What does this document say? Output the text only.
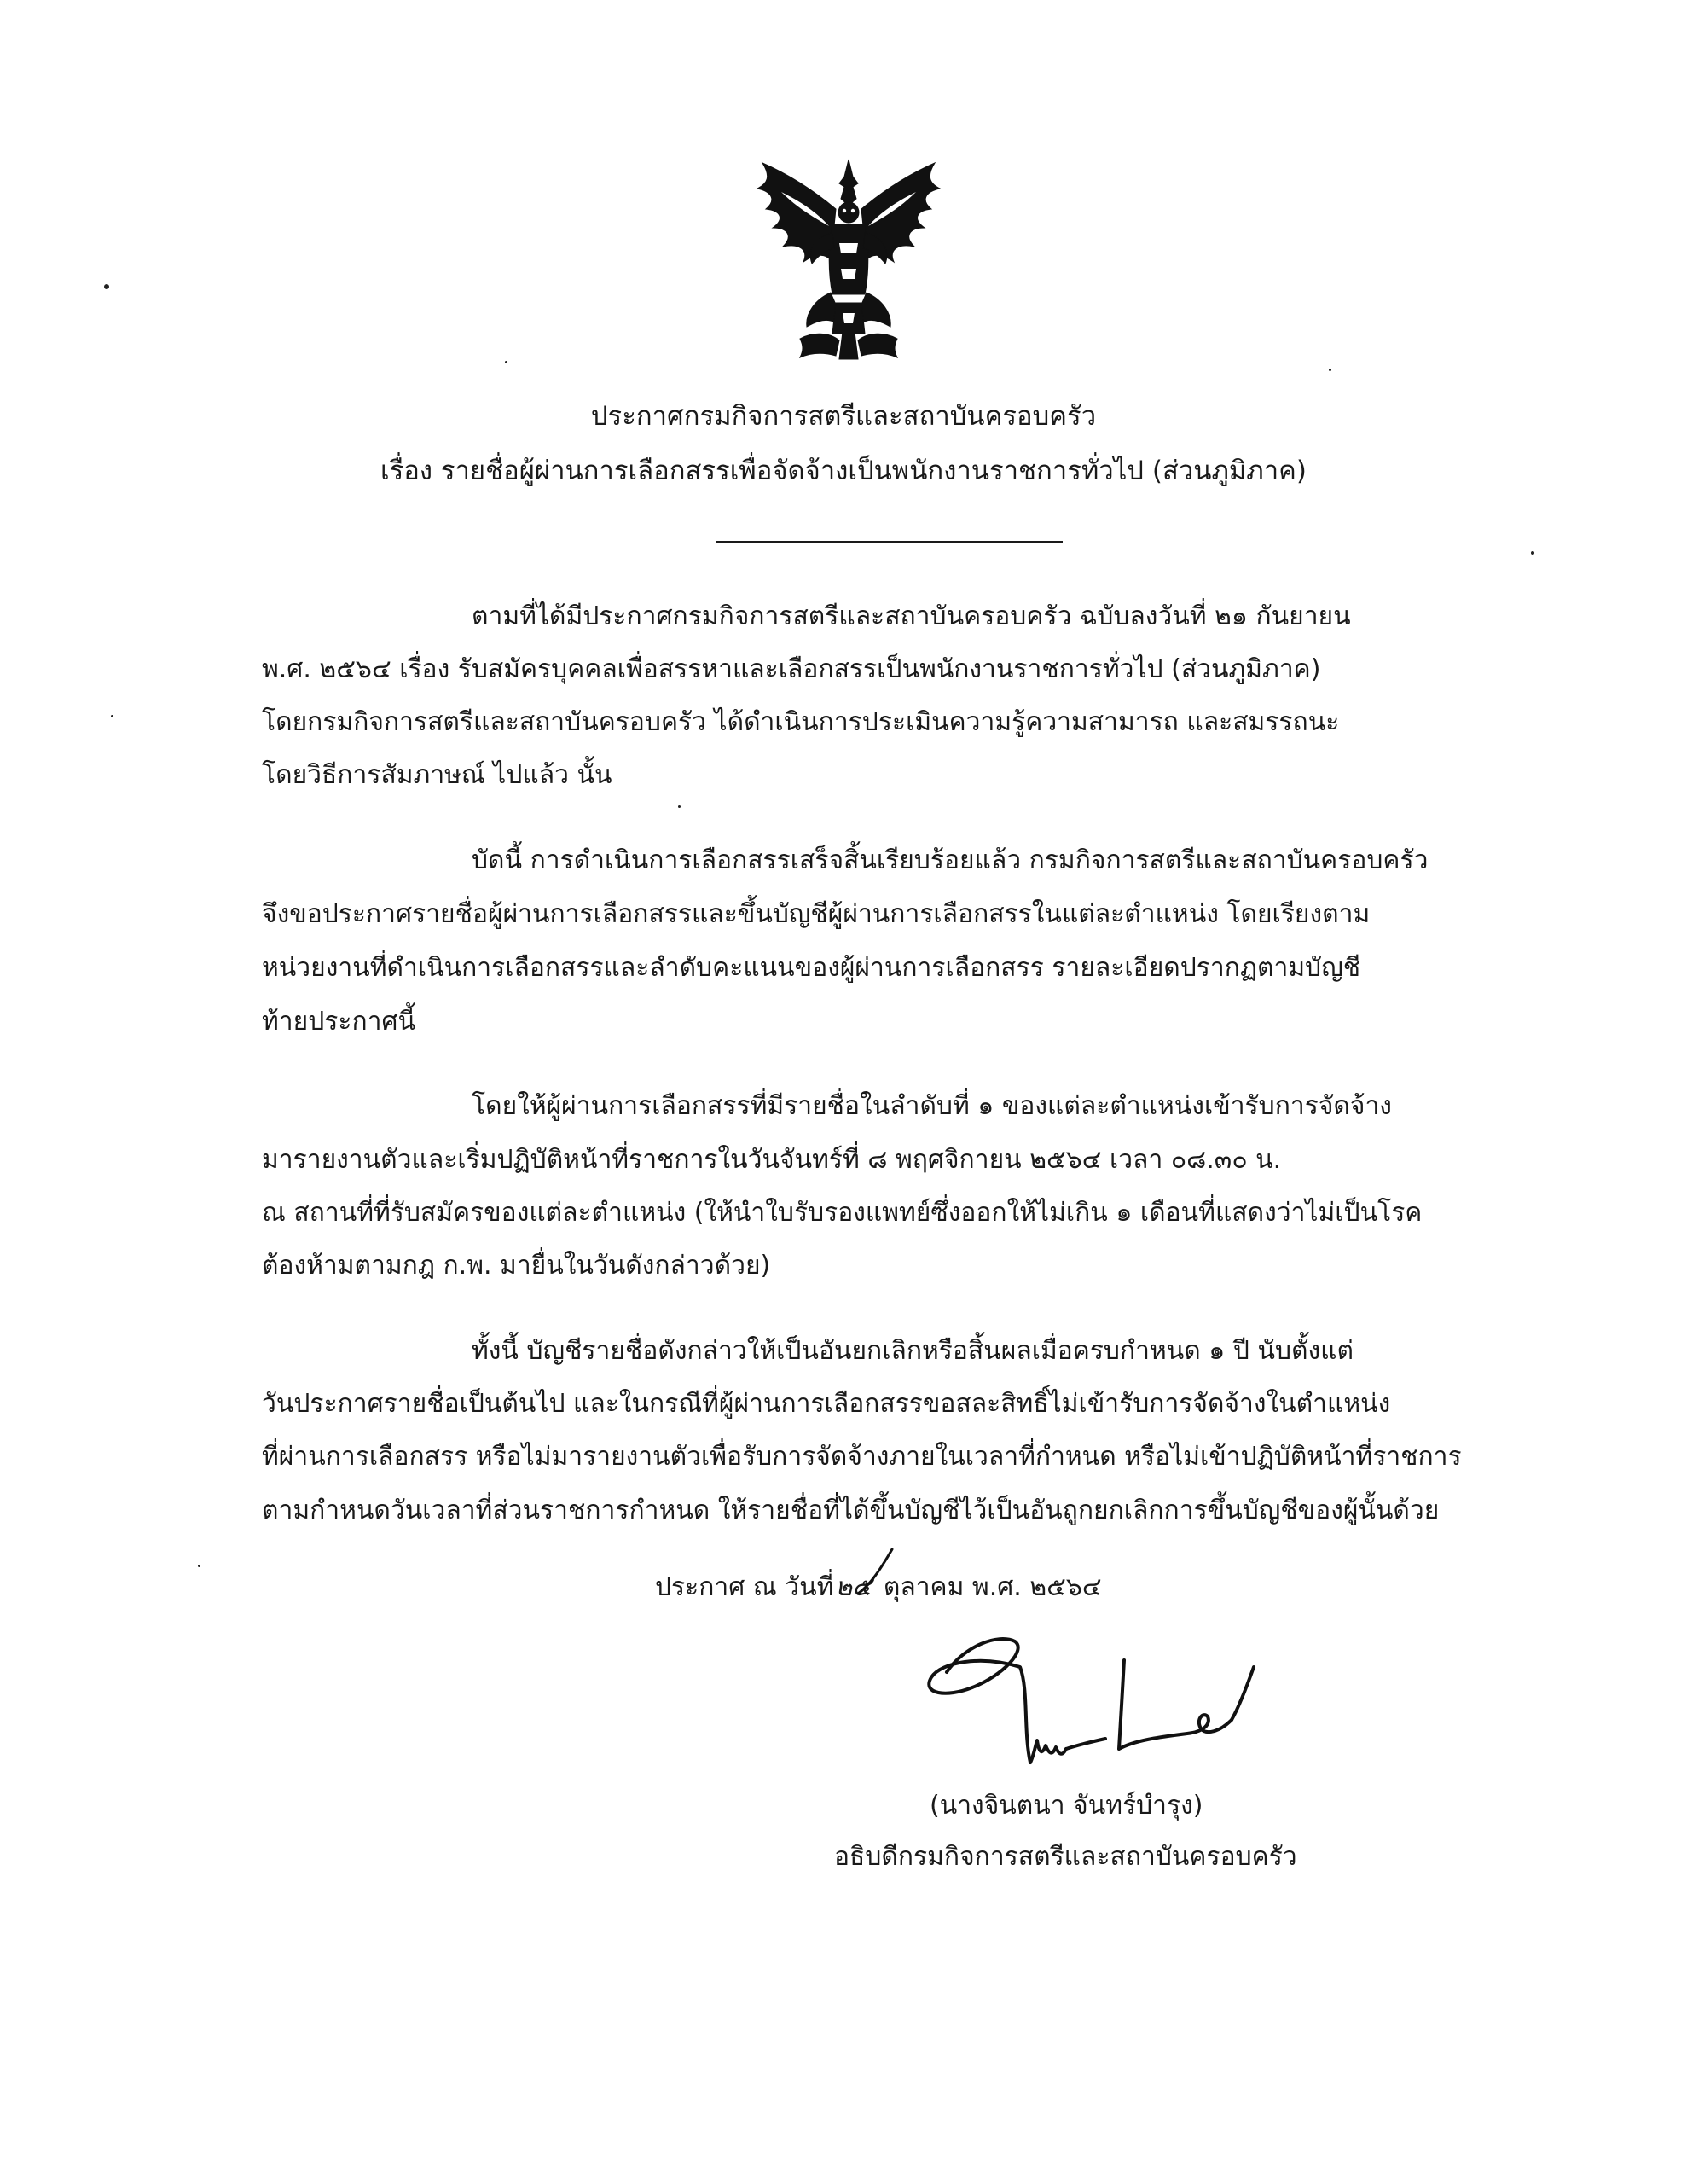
ประกาศกรมกิจการสตรีและสถาบันครอบครัว
เรื่อง รายชื่อผู้ผ่านการเลือกสรรเพื่อจัดจ้างเป็นพนักงานราชการทั่วไป (ส่วนภูมิภาค)
ตามที่ได้มีประกาศกรมกิจการสตรีและสถาบันครอบครัว ฉบับลงวันที่ ๒๑ กันยายน
พ.ศ. ๒๕๖๔ เรื่อง รับสมัครบุคคลเพื่อสรรหาและเลือกสรรเป็นพนักงานราชการทั่วไป (ส่วนภูมิภาค)
โดยกรมกิจการสตรีและสถาบันครอบครัว ได้ดำเนินการประเมินความรู้ความสามารถ และสมรรถนะ
โดยวิธีการสัมภาษณ์ ไปแล้ว นั้น
บัดนี้ การดำเนินการเลือกสรรเสร็จสิ้นเรียบร้อยแล้ว กรมกิจการสตรีและสถาบันครอบครัว
จึงขอประกาศรายชื่อผู้ผ่านการเลือกสรรและขึ้นบัญชีผู้ผ่านการเลือกสรรในแต่ละตำแหน่ง โดยเรียงตาม
หน่วยงานที่ดำเนินการเลือกสรรและลำดับคะแนนของผู้ผ่านการเลือกสรร รายละเอียดปรากฏตามบัญชี
ท้ายประกาศนี้
โดยให้ผู้ผ่านการเลือกสรรที่มีรายชื่อในลำดับที่ ๑ ของแต่ละตำแหน่งเข้ารับการจัดจ้าง
มารายงานตัวและเริ่มปฏิบัติหน้าที่ราชการในวันจันทร์ที่ ๘ พฤศจิกายน ๒๕๖๔ เวลา ๐๘.๓๐ น.
ณ สถานที่ที่รับสมัครของแต่ละตำแหน่ง (ให้นำใบรับรองแพทย์ซึ่งออกให้ไม่เกิน ๑ เดือนที่แสดงว่าไม่เป็นโรค
ต้องห้ามตามกฎ ก.พ. มายื่นในวันดังกล่าวด้วย)
ทั้งนี้ บัญชีรายชื่อดังกล่าวให้เป็นอันยกเลิกหรือสิ้นผลเมื่อครบกำหนด ๑ ปี นับตั้งแต่
วันประกาศรายชื่อเป็นต้นไป และในกรณีที่ผู้ผ่านการเลือกสรรขอสละสิทธิ์ไม่เข้ารับการจัดจ้างในตำแหน่ง
ที่ผ่านการเลือกสรร หรือไม่มารายงานตัวเพื่อรับการจัดจ้างภายในเวลาที่กำหนด หรือไม่เข้าปฏิบัติหน้าที่ราชการ
ตามกำหนดวันเวลาที่ส่วนราชการกำหนด ให้รายชื่อที่ได้ขึ้นบัญชีไว้เป็นอันถูกยกเลิกการขึ้นบัญชีของผู้นั้นด้วย
ประกาศ ณ วันที่๒๕ ตุลาคม พ.ศ. ๒๕๖๔
(นางจินตนา จันทร์บำรุง)
อธิบดีกรมกิจการสตรีและสถาบันครอบครัว
